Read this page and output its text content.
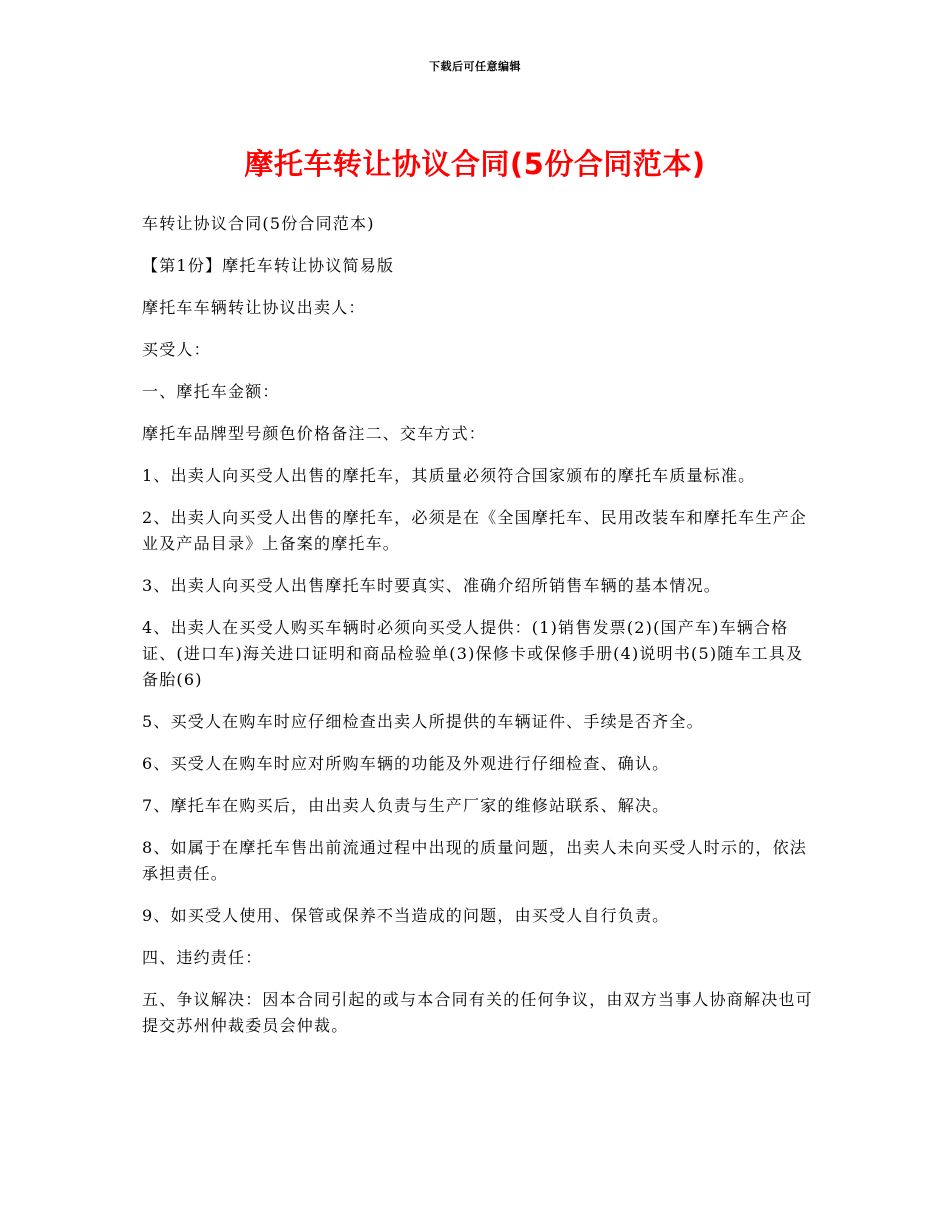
下载后可任意编辑
摩托车转让协议合同(5份合同范本)

车转让协议合同(5份合同范本)

【第1份】摩托车转让协议简易版

摩托车车辆转让协议出卖人：

买受人：

一、摩托车金额：

摩托车品牌型号颜色价格备注二、交车方式：

1、出卖人向买受人出售的摩托车，其质量必须符合国家颁布的摩托车质量标准。

2、出卖人向买受人出售的摩托车，必须是在《全国摩托车、民用改装车和摩托车生产企业及产品目录》上备案的摩托车。

3、出卖人向买受人出售摩托车时要真实、准确介绍所销售车辆的基本情况。

4、出卖人在买受人购买车辆时必须向买受人提供：(1)销售发票(2)(国产车)车辆合格证、(进口车)海关进口证明和商品检验单(3)保修卡或保修手册(4)说明书(5)随车工具及备胎(6)

5、买受人在购车时应仔细检查出卖人所提供的车辆证件、手续是否齐全。

6、买受人在购车时应对所购车辆的功能及外观进行仔细检查、确认。

7、摩托车在购买后，由出卖人负责与生产厂家的维修站联系、解决。

8、如属于在摩托车售出前流通过程中出现的质量问题，出卖人未向买受人时示的，依法承担责任。

9、如买受人使用、保管或保养不当造成的问题，由买受人自行负责。

四、违约责任：

五、争议解决：因本合同引起的或与本合同有关的任何争议，由双方当事人协商解决也可提交苏州仲裁委员会仲裁。
